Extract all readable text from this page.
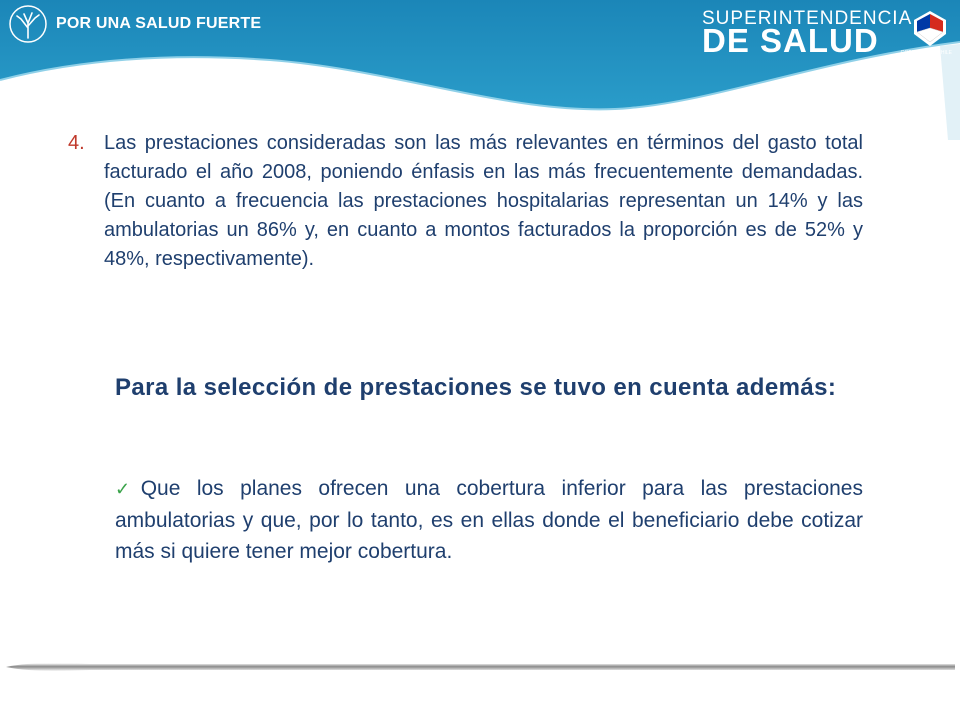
POR UNA SALUD FUERTE	SUPERINTENDENCIA
DE SALUD	GOBIERNO DE CHILE
4. Las prestaciones consideradas son las más relevantes en términos del gasto total facturado el año 2008, poniendo énfasis en las más frecuentemente demandadas. (En cuanto a frecuencia las prestaciones hospitalarias representan un 14% y las ambulatorias un 86% y, en cuanto a montos facturados la proporción es de 52% y 48%, respectivamente).
Para la selección de prestaciones se tuvo en cuenta además:
✓Que los planes ofrecen una cobertura inferior para las prestaciones ambulatorias y que, por lo tanto, es en ellas donde el beneficiario debe cotizar más si quiere tener mejor cobertura.
